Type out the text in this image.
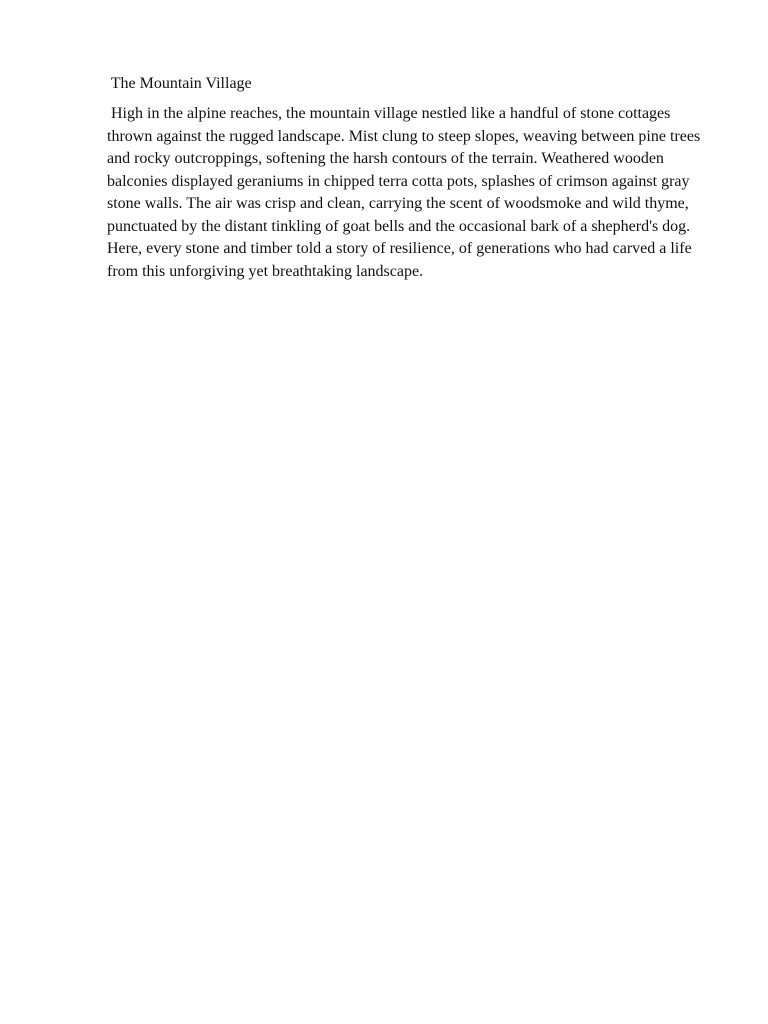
The Mountain Village

High in the alpine reaches, the mountain village nestled like a handful of stone cottages thrown against the rugged landscape. Mist clung to steep slopes, weaving between pine trees and rocky outcroppings, softening the harsh contours of the terrain. Weathered wooden balconies displayed geraniums in chipped terra cotta pots, splashes of crimson against gray stone walls. The air was crisp and clean, carrying the scent of woodsmoke and wild thyme, punctuated by the distant tinkling of goat bells and the occasional bark of a shepherd's dog. Here, every stone and timber told a story of resilience, of generations who had carved a life from this unforgiving yet breathtaking landscape.
